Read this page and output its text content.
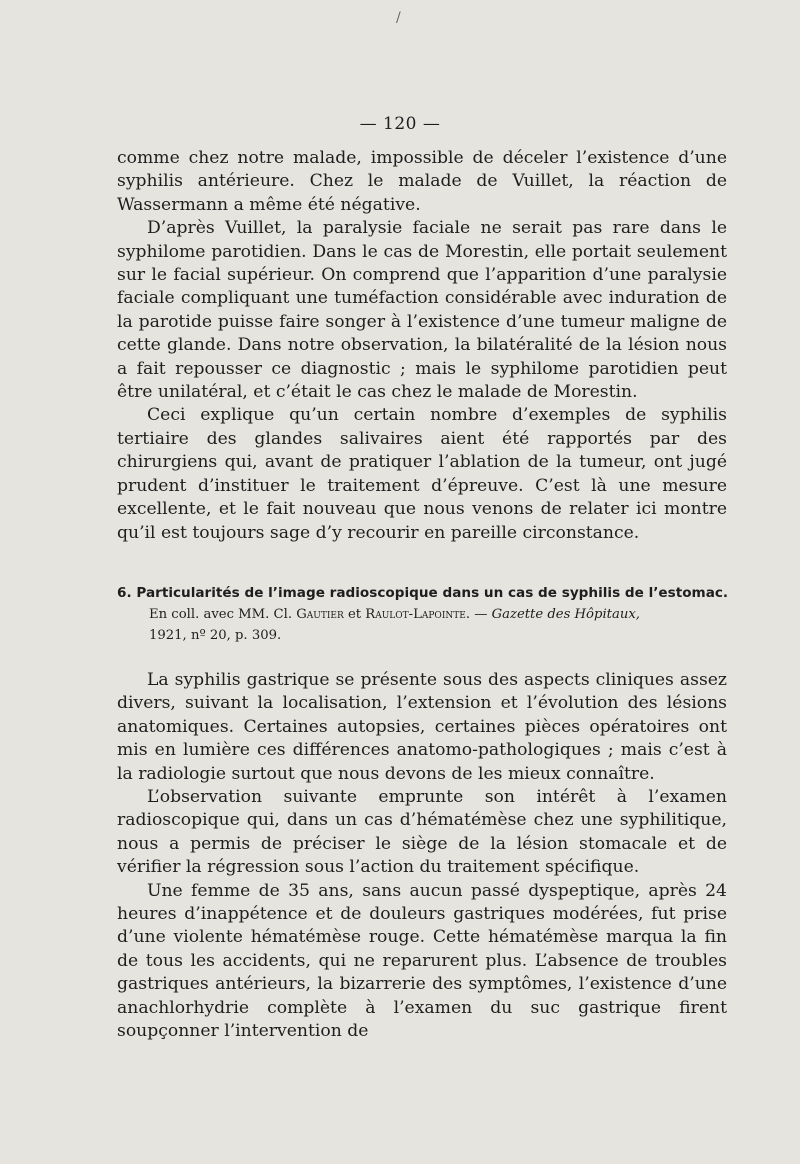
/
— 120 —

comme chez notre malade, impossible de déceler l’existence d’une syphilis antérieure. Chez le malade de Vuillet, la réaction de Wassermann a même été négative.

D’après Vuillet, la paralysie faciale ne serait pas rare dans le syphilome parotidien. Dans le cas de Morestin, elle portait seulement sur le facial supérieur. On comprend que l’apparition d’une paralysie faciale compliquant une tuméfaction considérable avec induration de la parotide puisse faire songer à l’existence d’une tumeur maligne de cette glande. Dans notre observation, la bilatéralité de la lésion nous a fait repousser ce diagnostic ; mais le syphilome parotidien peut être unilatéral, et c’était le cas chez le malade de Morestin.

Ceci explique qu’un certain nombre d’exemples de syphilis tertiaire des glandes salivaires aient été rapportés par des chirurgiens qui, avant de pratiquer l’ablation de la tumeur, ont jugé prudent d’instituer le traitement d’épreuve. C’est là une mesure excellente, et le fait nouveau que nous venons de relater ici montre qu’il est toujours sage d’y recourir en pareille circonstance.

6. Particularités de l’image radioscopique dans un cas de syphilis de l’estomac.
En coll. avec MM. Cl. Gautier et Raulot-Lapointe. — Gazette des Hôpitaux,
1921, nº 20, p. 309.

La syphilis gastrique se présente sous des aspects cliniques assez divers, suivant la localisation, l’extension et l’évolution des lésions anatomiques. Certaines autopsies, certaines pièces opératoires ont mis en lumière ces différences anatomo-pathologiques ; mais c’est à la radiologie surtout que nous devons de les mieux connaître.

L’observation suivante emprunte son intérêt à l’examen radioscopique qui, dans un cas d’hématémèse chez une syphilitique, nous a permis de préciser le siège de la lésion stomacale et de vérifier la régression sous l’action du traitement spécifique.

Une femme de 35 ans, sans aucun passé dyspeptique, après 24 heures d’inappétence et de douleurs gastriques modérées, fut prise d’une violente hématémèse rouge. Cette hématémèse marqua la fin de tous les accidents, qui ne reparurent plus. L’absence de troubles gastriques antérieurs, la bizarrerie des symptômes, l’existence d’une anachlorhydrie complète à l’examen du suc gastrique firent soupçonner l’intervention de
